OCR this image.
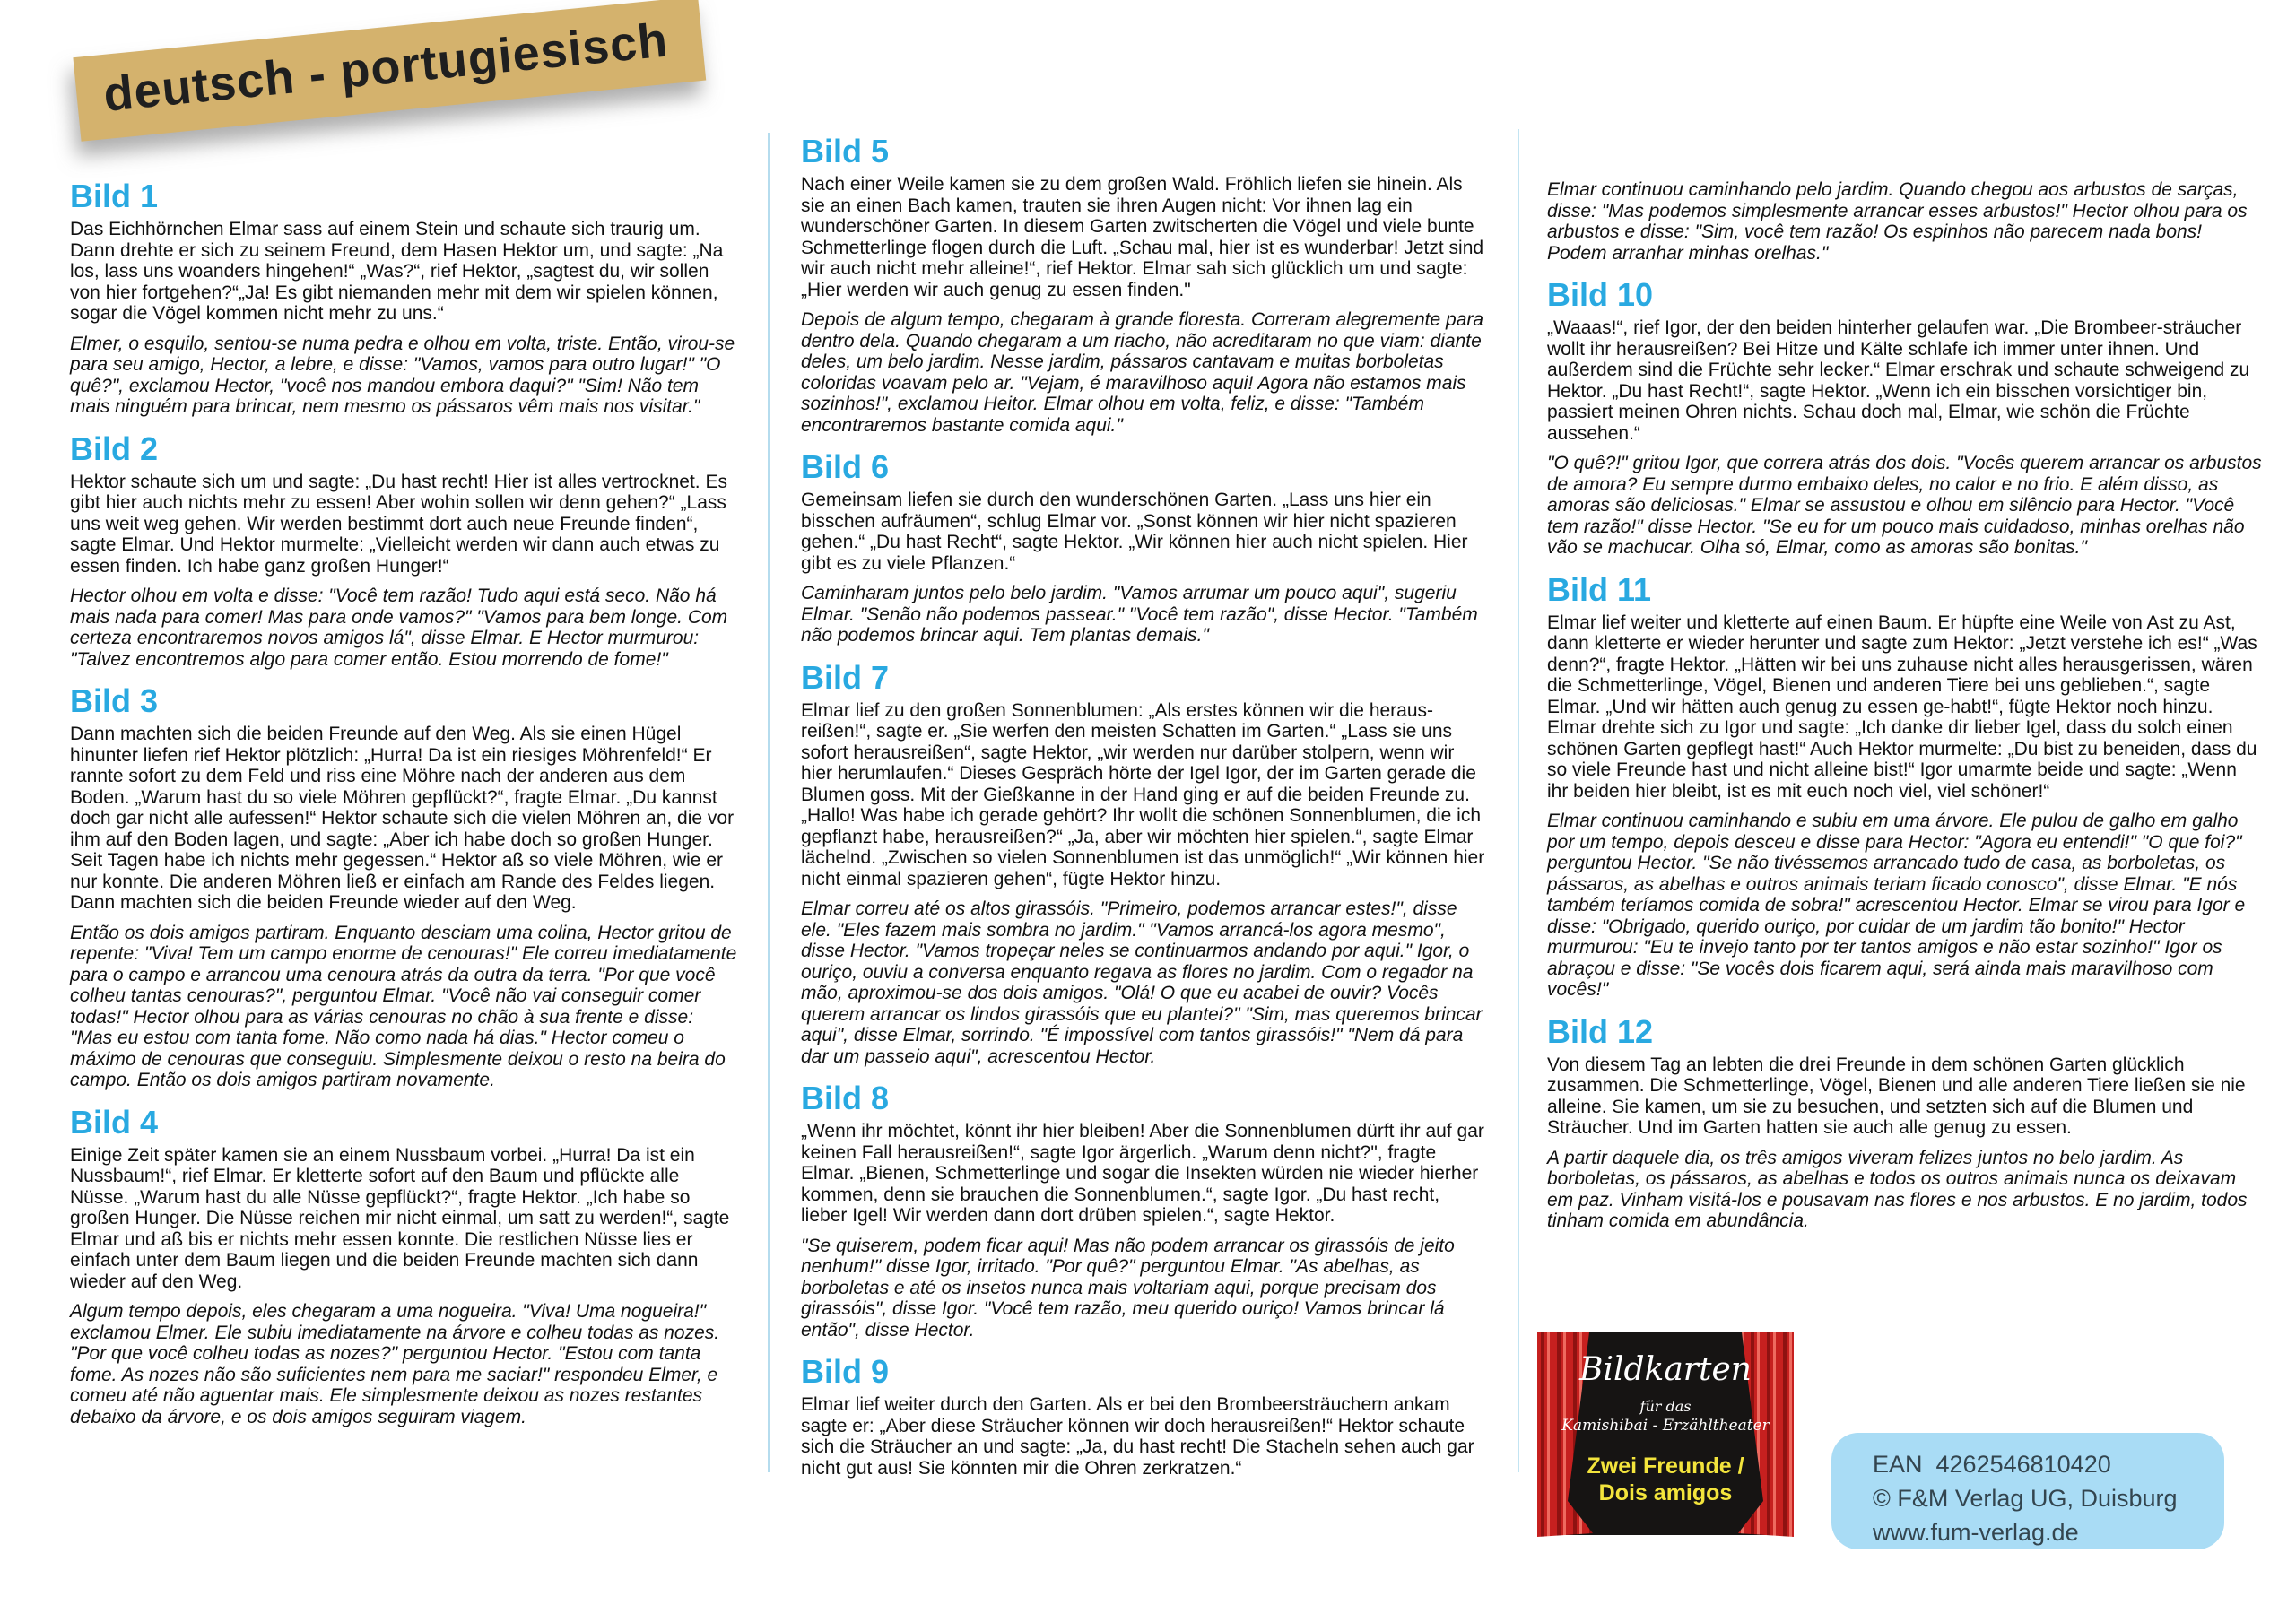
deutsch - portugiesisch
Bild 1

Das Eichhörnchen Elmar sass auf einem Stein und schaute sich traurig um. Dann drehte er sich zu seinem Freund, dem Hasen Hektor um, und sagte: „Na los, lass uns woanders hingehen!“ „Was?“, rief Hektor, „sagtest du, wir sollen von hier fortgehen?“„Ja! Es gibt niemanden mehr mit dem wir spielen können, sogar die Vögel kommen nicht mehr zu uns.“

Elmer, o esquilo, sentou-se numa pedra e olhou em volta, triste. Então, virou-se para seu amigo, Hector, a lebre, e disse: "Vamos, vamos para outro lugar!" "O quê?", exclamou Hector, "você nos mandou embora daqui?" "Sim! Não tem mais ninguém para brincar, nem mesmo os pássaros vêm mais nos visitar."

Bild 2

Hektor schaute sich um und sagte: „Du hast recht! Hier ist alles vertrocknet. Es gibt hier auch nichts mehr zu essen! Aber wohin sollen wir denn gehen?“ „Lass uns weit weg gehen. Wir werden bestimmt dort auch neue Freunde finden“, sagte Elmar. Und Hektor murmelte: „Vielleicht werden wir dann auch etwas zu essen finden. Ich habe ganz großen Hunger!“

Hector olhou em volta e disse: "Você tem razão! Tudo aqui está seco. Não há mais nada para comer! Mas para onde vamos?" "Vamos para bem longe. Com certeza encontraremos novos amigos lá", disse Elmar. E Hector murmurou: "Talvez encontremos algo para comer então. Estou morrendo de fome!"

Bild 3

Dann machten sich die beiden Freunde auf den Weg. Als sie einen Hügel hinunter liefen rief Hektor plötzlich: „Hurra! Da ist ein riesiges Möhrenfeld!“ Er rannte sofort zu dem Feld und riss eine Möhre nach der anderen aus dem Boden. „Warum hast du so viele Möhren gepflückt?“, fragte Elmar. „Du kannst doch gar nicht alle aufessen!“ Hektor schaute sich die vielen Möhren an, die vor ihm auf den Boden lagen, und sagte: „Aber ich habe doch so großen Hunger. Seit Tagen habe ich nichts mehr gegessen.“ Hektor aß so viele Möhren, wie er nur konnte. Die anderen Möhren ließ er einfach am Rande des Feldes liegen. Dann machten sich die beiden Freunde wieder auf den Weg.

Então os dois amigos partiram. Enquanto desciam uma colina, Hector gritou de repente: "Viva! Tem um campo enorme de cenouras!" Ele correu imediatamente para o campo e arrancou uma cenoura atrás da outra da terra. "Por que você colheu tantas cenouras?", perguntou Elmar. "Você não vai conseguir comer todas!" Hector olhou para as várias cenouras no chão à sua frente e disse: "Mas eu estou com tanta fome. Não como nada há dias." Hector comeu o máximo de cenouras que conseguiu. Simplesmente deixou o resto na beira do campo. Então os dois amigos partiram novamente.

Bild 4

Einige Zeit später kamen sie an einem Nussbaum vorbei. „Hurra! Da ist ein Nussbaum!“, rief Elmar. Er kletterte sofort auf den Baum und pflückte alle Nüsse. „Warum hast du alle Nüsse gepflückt?“, fragte Hektor. „Ich habe so großen Hunger. Die Nüsse reichen mir nicht einmal, um satt zu werden!“, sagte Elmar und aß bis er nichts mehr essen konnte. Die restlichen Nüsse lies er einfach unter dem Baum liegen und die beiden Freunde machten sich dann wieder auf den Weg.

Algum tempo depois, eles chegaram a uma nogueira. "Viva! Uma nogueira!" exclamou Elmer. Ele subiu imediatamente na árvore e colheu todas as nozes. "Por que você colheu todas as nozes?" perguntou Hector. "Estou com tanta fome. As nozes não são suficientes nem para me saciar!" respondeu Elmer, e comeu até não aguentar mais. Ele simplesmente deixou as nozes restantes debaixo da árvore, e os dois amigos seguiram viagem.

Bild 5

Nach einer Weile kamen sie zu dem großen Wald. Fröhlich liefen sie hinein. Als sie an einen Bach kamen, trauten sie ihren Augen nicht: Vor ihnen lag ein wunderschöner Garten. In diesem Garten zwitscherten die Vögel und viele bunte Schmetterlinge flogen durch die Luft. „Schau mal, hier ist es wunderbar! Jetzt sind wir auch nicht mehr alleine!“, rief Hektor. Elmar sah sich glücklich um und sagte: „Hier werden wir auch genug zu essen finden."

Depois de algum tempo, chegaram à grande floresta. Correram alegremente para dentro dela. Quando chegaram a um riacho, não acreditaram no que viam: diante deles, um belo jardim. Nesse jardim, pássaros cantavam e muitas borboletas coloridas voavam pelo ar. "Vejam, é maravilhoso aqui! Agora não estamos mais sozinhos!", exclamou Heitor. Elmar olhou em volta, feliz, e disse: "Também encontraremos bastante comida aqui."

Bild 6

Gemeinsam liefen sie durch den wunderschönen Garten. „Lass uns hier ein bisschen aufräumen“, schlug Elmar vor. „Sonst können wir hier nicht spazieren gehen.“ „Du hast Recht“, sagte Hektor. „Wir können hier auch nicht spielen. Hier gibt es zu viele Pflanzen.“

Caminharam juntos pelo belo jardim. "Vamos arrumar um pouco aqui", sugeriu Elmar. "Senão não podemos passear." "Você tem razão", disse Hector. "Também não podemos brincar aqui. Tem plantas demais."

Bild 7

Elmar lief zu den großen Sonnenblumen: „Als erstes können wir die heraus-reißen!“, sagte er. „Sie werfen den meisten Schatten im Garten.“ „Lass sie uns sofort herausreißen“, sagte Hektor, „wir werden nur darüber stolpern, wenn wir hier herumlaufen.“ Dieses Gespräch hörte der Igel Igor, der im Garten gerade die Blumen goss. Mit der Gießkanne in der Hand ging er auf die beiden Freunde zu. „Hallo! Was habe ich gerade gehört? Ihr wollt die schönen Sonnenblumen, die ich gepflanzt habe, herausreißen?“ „Ja, aber wir möchten hier spielen.“, sagte Elmar lächelnd. „Zwischen so vielen Sonnenblumen ist das unmöglich!“ „Wir können hier nicht einmal spazieren gehen“, fügte Hektor hinzu.

Elmar correu até os altos girassóis. "Primeiro, podemos arrancar estes!", disse ele. "Eles fazem mais sombra no jardim." "Vamos arrancá-los agora mesmo", disse Hector. "Vamos tropeçar neles se continuarmos andando por aqui." Igor, o ouriço, ouviu a conversa enquanto regava as flores no jardim. Com o regador na mão, aproximou-se dos dois amigos. "Olá! O que eu acabei de ouvir? Vocês querem arrancar os lindos girassóis que eu plantei?" "Sim, mas queremos brincar aqui", disse Elmar, sorrindo. "É impossível com tantos girassóis!" "Nem dá para dar um passeio aqui", acrescentou Hector.

Bild 8

„Wenn ihr möchtet, könnt ihr hier bleiben! Aber die Sonnenblumen dürft ihr auf gar keinen Fall herausreißen!“, sagte Igor ärgerlich. „Warum denn nicht?", fragte Elmar. „Bienen, Schmetterlinge und sogar die Insekten würden nie wieder hierher kommen, denn sie brauchen die Sonnenblumen.“, sagte Igor. „Du hast recht, lieber Igel! Wir werden dann dort drüben spielen.“, sagte Hektor.

"Se quiserem, podem ficar aqui! Mas não podem arrancar os girassóis de jeito nenhum!" disse Igor, irritado. "Por quê?" perguntou Elmar. "As abelhas, as borboletas e até os insetos nunca mais voltariam aqui, porque precisam dos girassóis", disse Igor. "Você tem razão, meu querido ouriço! Vamos brincar lá então", disse Hector.

Bild 9

Elmar lief weiter durch den Garten. Als er bei den Brombeersträuchern ankam sagte er: „Aber diese Sträucher können wir doch herausreißen!“ Hektor schaute sich die Sträucher an und sagte: „Ja, du hast recht! Die Stacheln sehen auch gar nicht gut aus! Sie könnten mir die Ohren zerkratzen.“

Elmar continuou caminhando pelo jardim. Quando chegou aos arbustos de sarças, disse: "Mas podemos simplesmente arrancar esses arbustos!" Hector olhou para os arbustos e disse: "Sim, você tem razão! Os espinhos não parecem nada bons! Podem arranhar minhas orelhas."

Bild 10

„Waaas!“, rief Igor, der den beiden hinterher gelaufen war. „Die Brombeer-sträucher wollt ihr herausreißen? Bei Hitze und Kälte schlafe ich immer unter ihnen. Und außerdem sind die Früchte sehr lecker.“ Elmar erschrak und schaute schweigend zu Hektor. „Du hast Recht!“, sagte Hektor. „Wenn ich ein bisschen vorsichtiger bin, passiert meinen Ohren nichts. Schau doch mal, Elmar, wie schön die Früchte aussehen.“

"O quê?!" gritou Igor, que correra atrás dos dois. "Vocês querem arrancar os arbustos de amora? Eu sempre durmo embaixo deles, no calor e no frio. E além disso, as amoras são deliciosas." Elmar se assustou e olhou em silêncio para Hector. "Você tem razão!" disse Hector. "Se eu for um pouco mais cuidadoso, minhas orelhas não vão se machucar. Olha só, Elmar, como as amoras são bonitas."

Bild 11

Elmar lief weiter und kletterte auf einen Baum. Er hüpfte eine Weile von Ast zu Ast, dann kletterte er wieder herunter und sagte zum Hektor: „Jetzt verstehe ich es!“ „Was denn?“, fragte Hektor. „Hätten wir bei uns zuhause nicht alles herausgerissen, wären die Schmetterlinge, Vögel, Bienen und anderen Tiere bei uns geblieben.“, sagte Elmar. „Und wir hätten auch genug zu essen ge-habt!“, fügte Hektor noch hinzu. Elmar drehte sich zu Igor und sagte: „Ich danke dir lieber Igel, dass du solch einen schönen Garten gepflegt hast!“ Auch Hektor murmelte: „Du bist zu beneiden, dass du so viele Freunde hast und nicht alleine bist!“ Igor umarmte beide und sagte: „Wenn ihr beiden hier bleibt, ist es mit euch noch viel, viel schöner!“

Elmar continuou caminhando e subiu em uma árvore. Ele pulou de galho em galho por um tempo, depois desceu e disse para Hector: "Agora eu entendi!" "O que foi?" perguntou Hector. "Se não tivéssemos arrancado tudo de casa, as borboletas, os pássaros, as abelhas e outros animais teriam ficado conosco", disse Elmar. "E nós também teríamos comida de sobra!" acrescentou Hector. Elmar se virou para Igor e disse: "Obrigado, querido ouriço, por cuidar de um jardim tão bonito!" Hector murmurou: "Eu te invejo tanto por ter tantos amigos e não estar sozinho!" Igor os abraçou e disse: "Se vocês dois ficarem aqui, será ainda mais maravilhoso com vocês!"

Bild 12

Von diesem Tag an lebten die drei Freunde in dem schönen Garten glücklich zusammen. Die Schmetterlinge, Vögel, Bienen und alle anderen Tiere ließen sie nie alleine. Sie kamen, um sie zu besuchen, und setzten sich auf die Blumen und Sträucher. Und im Garten hatten sie auch alle genug zu essen.

A partir daquele dia, os três amigos viveram felizes juntos no belo jardim. As borboletas, os pássaros, as abelhas e todos os outros animais nunca os deixavam em paz. Vinham visitá-los e pousavam nas flores e nos arbustos. E no jardim, todos tinham comida em abundância.

Bildkarten
für das
Kamishibai - Erzähltheater
Zwei Freunde /
Dois amigos
EAN  4262546810420
© F&M Verlag UG, Duisburg
www.fum-verlag.de
